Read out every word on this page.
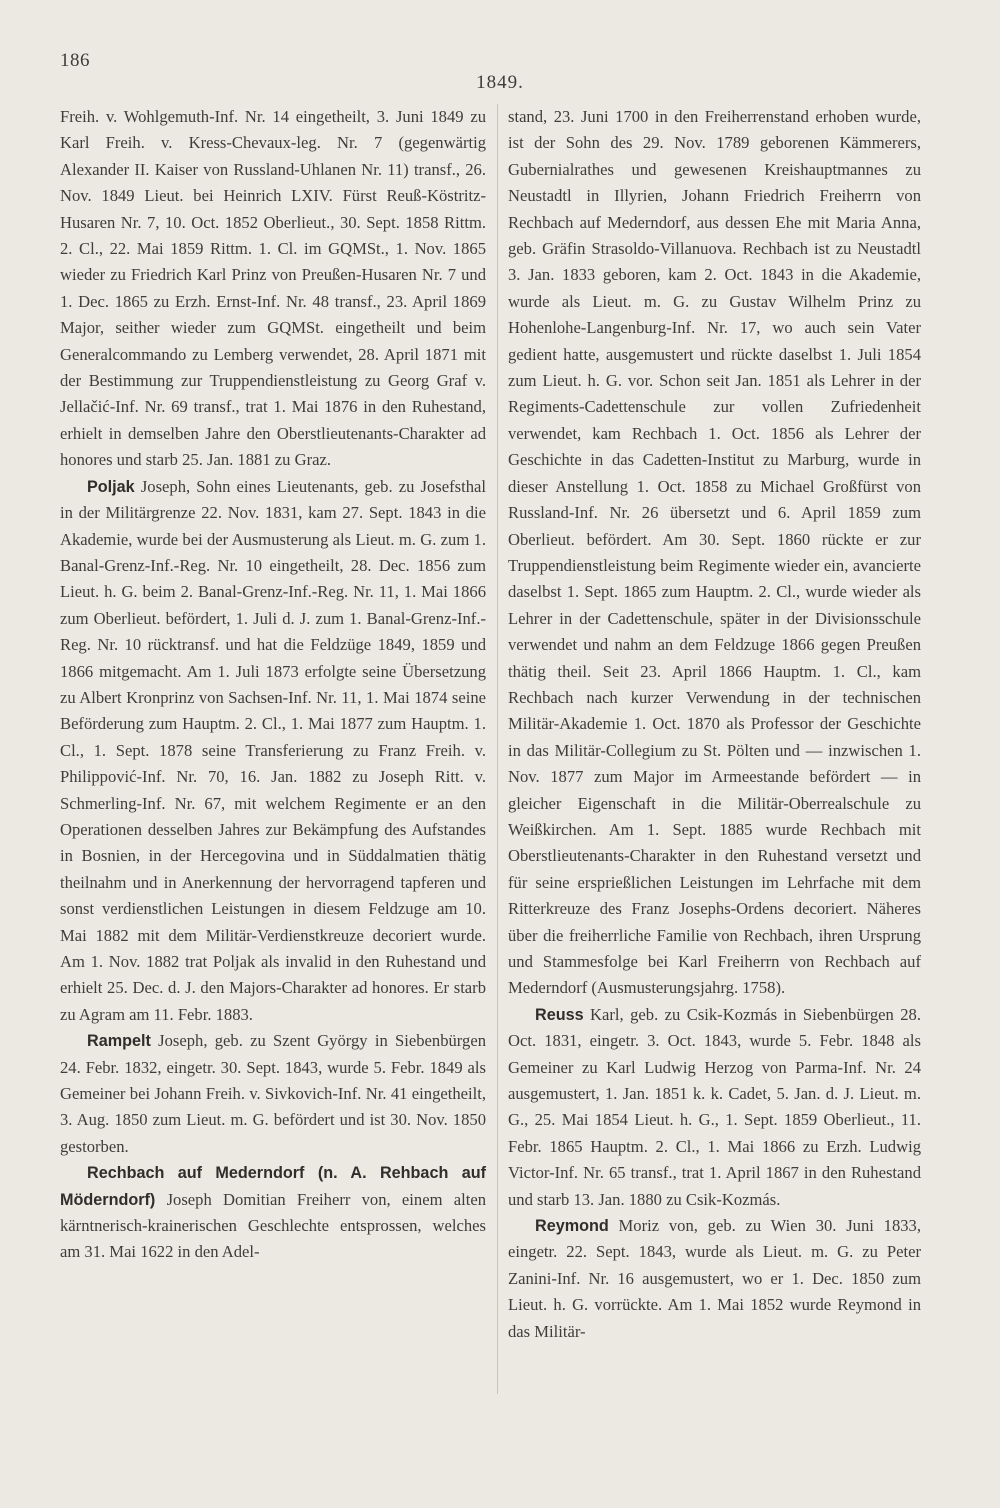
186
1849.

Freih. v. Wohlgemuth-Inf. Nr. 14 eingetheilt, 3. Juni 1849 zu Karl Freih. v. Kress-Chevaux-leg. Nr. 7 (gegenwärtig Alexander II. Kaiser von Russland-Uhlanen Nr. 11) transf., 26. Nov. 1849 Lieut. bei Heinrich LXIV. Fürst Reuß-Köstritz-Husaren Nr. 7, 10. Oct. 1852 Oberlieut., 30. Sept. 1858 Rittm. 2. Cl., 22. Mai 1859 Rittm. 1. Cl. im GQMSt., 1. Nov. 1865 wieder zu Friedrich Karl Prinz von Preußen-Husaren Nr. 7 und 1. Dec. 1865 zu Erzh. Ernst-Inf. Nr. 48 transf., 23. April 1869 Major, seither wieder zum GQMSt. eingetheilt und beim Generalcommando zu Lemberg verwendet, 28. April 1871 mit der Bestimmung zur Truppendienstleistung zu Georg Graf v. Jellačić-Inf. Nr. 69 transf., trat 1. Mai 1876 in den Ruhestand, erhielt in demselben Jahre den Oberstlieutenants-Charakter ad honores und starb 25. Jan. 1881 zu Graz.

Poljak Joseph, Sohn eines Lieutenants, geb. zu Josefsthal in der Militärgrenze 22. Nov. 1831, kam 27. Sept. 1843 in die Akademie, wurde bei der Ausmusterung als Lieut. m. G. zum 1. Banal-Grenz-Inf.-Reg. Nr. 10 eingetheilt, 28. Dec. 1856 zum Lieut. h. G. beim 2. Banal-Grenz-Inf.-Reg. Nr. 11, 1. Mai 1866 zum Oberlieut. befördert, 1. Juli d. J. zum 1. Banal-Grenz-Inf.-Reg. Nr. 10 rücktransf. und hat die Feldzüge 1849, 1859 und 1866 mitgemacht. Am 1. Juli 1873 erfolgte seine Übersetzung zu Albert Kronprinz von Sachsen-Inf. Nr. 11, 1. Mai 1874 seine Beförderung zum Hauptm. 2. Cl., 1. Mai 1877 zum Hauptm. 1. Cl., 1. Sept. 1878 seine Transferierung zu Franz Freih. v. Philippović-Inf. Nr. 70, 16. Jan. 1882 zu Joseph Ritt. v. Schmerling-Inf. Nr. 67, mit welchem Regimente er an den Operationen desselben Jahres zur Bekämpfung des Aufstandes in Bosnien, in der Hercegovina und in Süddalmatien thätig theilnahm und in Anerkennung der hervorragend tapferen und sonst verdienstlichen Leistungen in diesem Feldzuge am 10. Mai 1882 mit dem Militär-Verdienstkreuze decoriert wurde. Am 1. Nov. 1882 trat Poljak als invalid in den Ruhestand und erhielt 25. Dec. d. J. den Majors-Charakter ad honores. Er starb zu Agram am 11. Febr. 1883.

Rampelt Joseph, geb. zu Szent György in Siebenbürgen 24. Febr. 1832, eingetr. 30. Sept. 1843, wurde 5. Febr. 1849 als Gemeiner bei Johann Freih. v. Sivkovich-Inf. Nr. 41 eingetheilt, 3. Aug. 1850 zum Lieut. m. G. befördert und ist 30. Nov. 1850 gestorben.

Rechbach auf Mederndorf (n. A. Rehbach auf Möderndorf) Joseph Domitian Freiherr von, einem alten kärntnerisch-krainerischen Geschlechte entsprossen, welches am 31. Mai 1622 in den Adel-

stand, 23. Juni 1700 in den Freiherrenstand erhoben wurde, ist der Sohn des 29. Nov. 1789 geborenen Kämmerers, Gubernialrathes und gewesenen Kreishauptmannes zu Neustadtl in Illyrien, Johann Friedrich Freiherrn von Rechbach auf Mederndorf, aus dessen Ehe mit Maria Anna, geb. Gräfin Strasoldo-Villanuova. Rechbach ist zu Neustadtl 3. Jan. 1833 geboren, kam 2. Oct. 1843 in die Akademie, wurde als Lieut. m. G. zu Gustav Wilhelm Prinz zu Hohenlohe-Langenburg-Inf. Nr. 17, wo auch sein Vater gedient hatte, ausgemustert und rückte daselbst 1. Juli 1854 zum Lieut. h. G. vor. Schon seit Jan. 1851 als Lehrer in der Regiments-Cadettenschule zur vollen Zufriedenheit verwendet, kam Rechbach 1. Oct. 1856 als Lehrer der Geschichte in das Cadetten-Institut zu Marburg, wurde in dieser Anstellung 1. Oct. 1858 zu Michael Großfürst von Russland-Inf. Nr. 26 übersetzt und 6. April 1859 zum Oberlieut. befördert. Am 30. Sept. 1860 rückte er zur Truppendienstleistung beim Regimente wieder ein, avancierte daselbst 1. Sept. 1865 zum Hauptm. 2. Cl., wurde wieder als Lehrer in der Cadettenschule, später in der Divisionsschule verwendet und nahm an dem Feldzuge 1866 gegen Preußen thätig theil. Seit 23. April 1866 Hauptm. 1. Cl., kam Rechbach nach kurzer Verwendung in der technischen Militär-Akademie 1. Oct. 1870 als Professor der Geschichte in das Militär-Collegium zu St. Pölten und — inzwischen 1. Nov. 1877 zum Major im Armeestande befördert — in gleicher Eigenschaft in die Militär-Oberrealschule zu Weißkirchen. Am 1. Sept. 1885 wurde Rechbach mit Oberstlieutenants-Charakter in den Ruhestand versetzt und für seine ersprießlichen Leistungen im Lehrfache mit dem Ritterkreuze des Franz Josephs-Ordens decoriert. Näheres über die freiherrliche Familie von Rechbach, ihren Ursprung und Stammesfolge bei Karl Freiherrn von Rechbach auf Mederndorf (Ausmusterungsjahrg. 1758).

Reuss Karl, geb. zu Csik-Kozmás in Siebenbürgen 28. Oct. 1831, eingetr. 3. Oct. 1843, wurde 5. Febr. 1848 als Gemeiner zu Karl Ludwig Herzog von Parma-Inf. Nr. 24 ausgemustert, 1. Jan. 1851 k. k. Cadet, 5. Jan. d. J. Lieut. m. G., 25. Mai 1854 Lieut. h. G., 1. Sept. 1859 Oberlieut., 11. Febr. 1865 Hauptm. 2. Cl., 1. Mai 1866 zu Erzh. Ludwig Victor-Inf. Nr. 65 transf., trat 1. April 1867 in den Ruhestand und starb 13. Jan. 1880 zu Csik-Kozmás.

Reymond Moriz von, geb. zu Wien 30. Juni 1833, eingetr. 22. Sept. 1843, wurde als Lieut. m. G. zu Peter Zanini-Inf. Nr. 16 ausgemustert, wo er 1. Dec. 1850 zum Lieut. h. G. vorrückte. Am 1. Mai 1852 wurde Reymond in das Militär-
